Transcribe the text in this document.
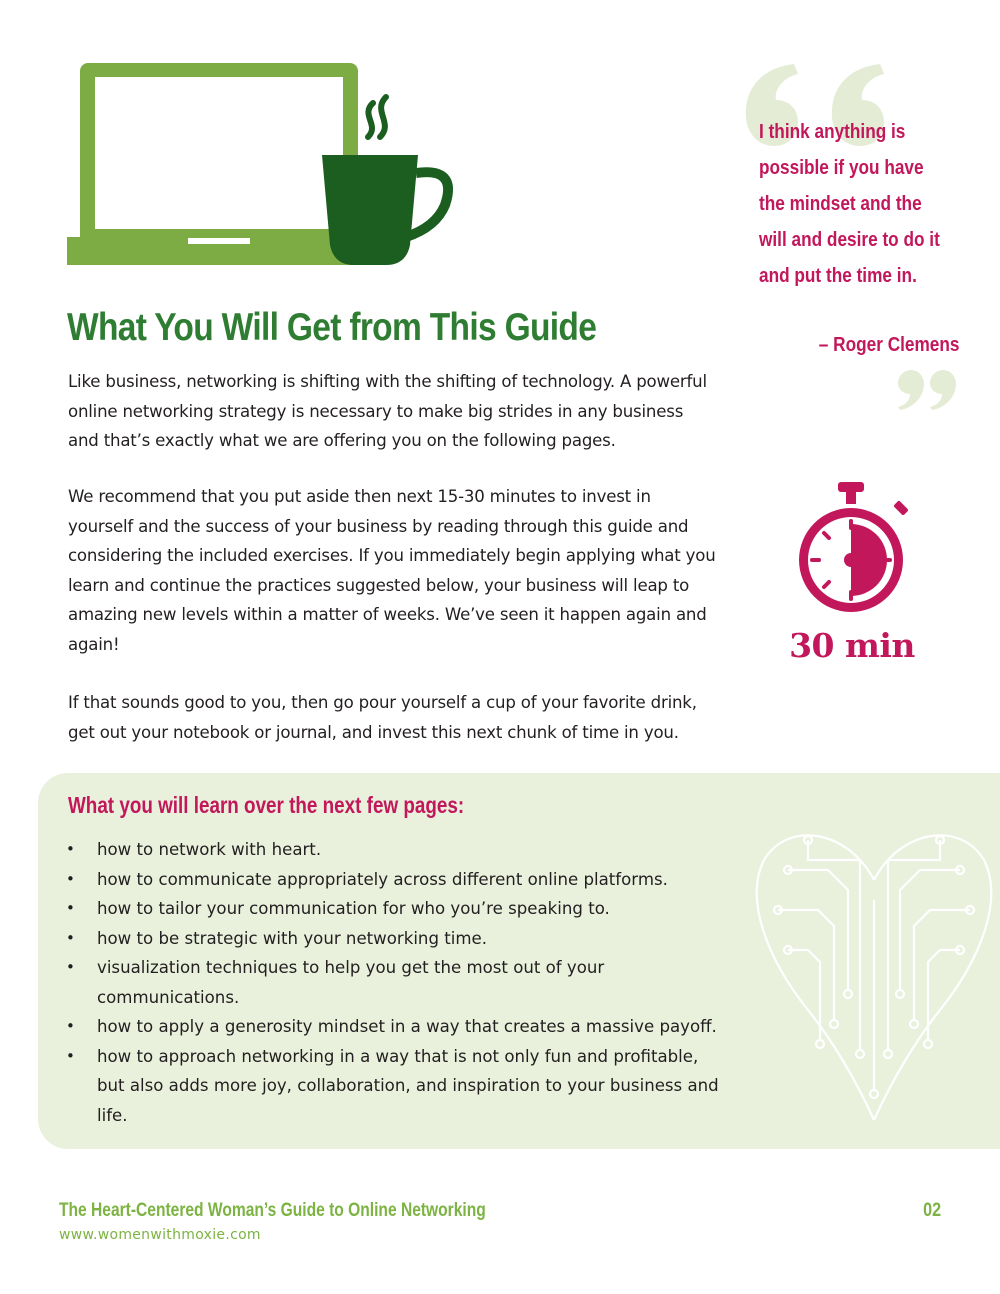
What You Will Get from This Guide

Like business, networking is shifting with the shifting of technology. A powerful online networking strategy is necessary to make big strides in any business and that’s exactly what we are offering you on the following pages.

We recommend that you put aside then next 15-30 minutes to invest in yourself and the success of your business by reading through this guide and considering the included exercises. If you immediately begin applying what you learn and continue the practices suggested below, your business will leap to amazing new levels within a matter of weeks. We’ve seen it happen again and again!

If that sounds good to you, then go pour yourself a cup of your favorite drink, get out your notebook or journal, and invest this next chunk of time in you.

I think anything is possible if you have the mindset and the will and desire to do it and put the time in.

– Roger Clemens

30 min
What you will learn over the next few pages:
• how to network with heart.
• how to communicate appropriately across different online platforms.
• how to tailor your communication for who you’re speaking to.
• how to be strategic with your networking time.
• visualization techniques to help you get the most out of your communications.
• how to apply a generosity mindset in a way that creates a massive payoff.
• how to approach networking in a way that is not only fun and profitable, but also adds more joy, collaboration, and inspiration to your business and life.
The Heart-Centered Woman’s Guide to Online Networking
www.womenwithmoxie.com
02
